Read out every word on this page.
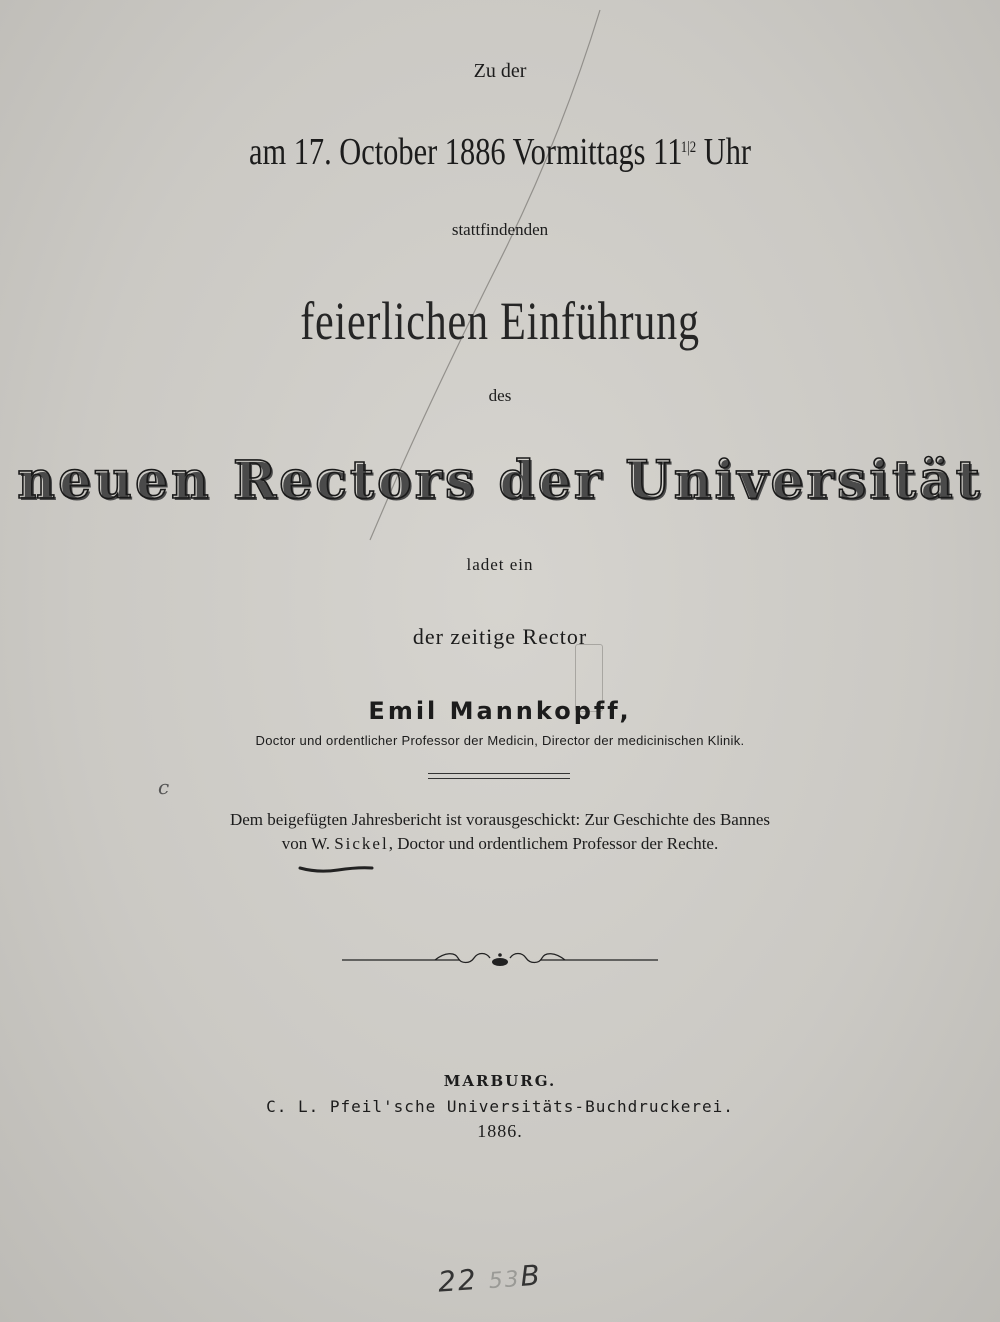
Zu der
am 17. October 1886 Vormittags 111|2 Uhr
stattfindenden
feierlichen Einführung
des
neuen Rectors der Universität
ladet ein
der zeitige Rector
Emil Mannkopff,
Doctor und ordentlicher Professor der Medicin, Director der medicinischen Klinik.
c
Dem beigefügten Jahresbericht ist vorausgeschickt: Zur Geschichte des Bannes
von W. Sickel, Doctor und ordentlichem Professor der Rechte.
MARBURG.
C. L. Pfeil'sche Universitäts-Buchdruckerei.
1886.
22 53B
